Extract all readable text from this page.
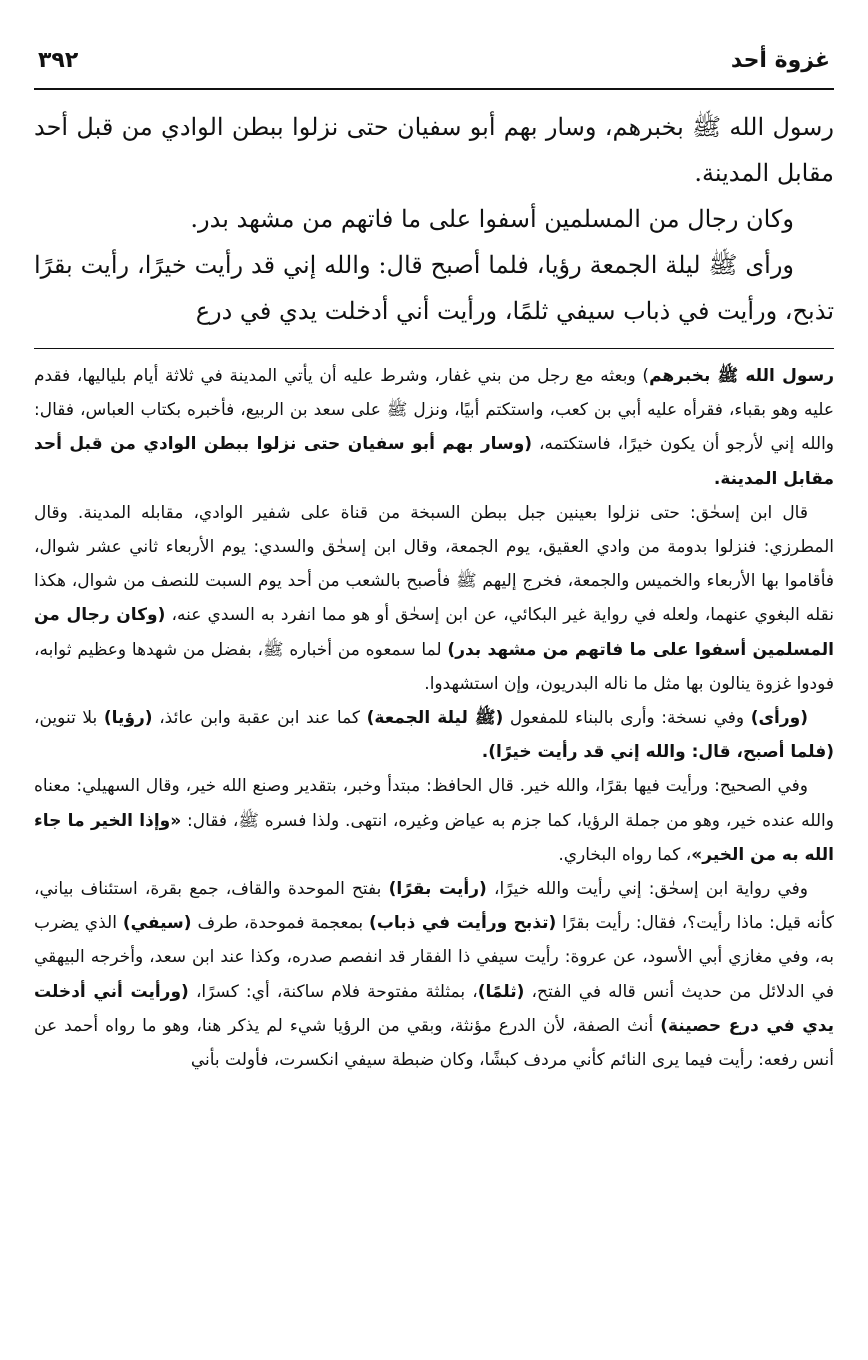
غزوة أحد
٣٩٢

رسول الله ﷺ بخبرهم، وسار بهم أبو سفيان حتى نزلوا ببطن الوادي من قبل أحد مقابل المدينة.

وكان رجال من المسلمين أسفوا على ما فاتهم من مشهد بدر.

ورأى ﷺ ليلة الجمعة رؤيا، فلما أصبح قال: والله إني قد رأيت خيرًا، رأيت بقرًا تذبح، ورأيت في ذباب سيفي ثلمًا، ورأيت أني أدخلت يدي في درع

رسول الله ﷺ بخبرهم) وبعثه مع رجل من بني غفار، وشرط عليه أن يأتي المدينة في ثلاثة أيام بلياليها، فقدم عليه وهو بقباء، فقرأه عليه أبي بن كعب، واستكتم أبيًا، ونزل ﷺ على سعد بن الربيع، فأخبره بكتاب العباس، فقال: والله إني لأرجو أن يكون خيرًا، فاستكتمه، (وسار بهم أبو سفيان حتى نزلوا ببطن الوادي من قبل أحد مقابل المدينة.

قال ابن إسحٰق: حتى نزلوا بعينين جبل ببطن السبخة من قناة على شفير الوادي، مقابله المدينة. وقال المطرزي: فنزلوا بدومة من وادي العقيق، يوم الجمعة، وقال ابن إسحٰق والسدي: يوم الأربعاء ثاني عشر شوال، فأقاموا بها الأربعاء والخميس والجمعة، فخرج إليهم ﷺ فأصبح بالشعب من أحد يوم السبت للنصف من شوال، هكذا نقله البغوي عنهما، ولعله في رواية غير البكائي، عن ابن إسحٰق أو هو مما انفرد به السدي عنه، (وكان رجال من المسلمين أسفوا على ما فاتهم من مشهد بدر) لما سمعوه من أخباره ﷺ، بفضل من شهدها وعظيم ثوابه، فودوا غزوة ينالون بها مثل ما ناله البدريون، وإن استشهدوا.

(ورأى) وفي نسخة: وأرى بالبناء للمفعول (ﷺ ليلة الجمعة) كما عند ابن عقبة وابن عائذ، (رؤيا) بلا تنوين، (فلما أصبح، قال: والله إني قد رأيت خيرًا).

وفي الصحيح: ورأيت فيها بقرًا، والله خير. قال الحافظ: مبتدأ وخبر، بتقدير وصنع الله خير، وقال السهيلي: معناه والله عنده خير، وهو من جملة الرؤيا، كما جزم به عياض وغيره، انتهى. ولذا فسره ﷺ، فقال: «وإذا الخير ما جاء الله به من الخير»، كما رواه البخاري.

وفي رواية ابن إسحٰق: إني رأيت والله خيرًا، (رأيت بقرًا) بفتح الموحدة والقاف، جمع بقرة، استئناف بياني، كأنه قيل: ماذا رأيت؟، فقال: رأيت بقرًا (تذبح ورأيت في ذباب) بمعجمة فموحدة، طرف (سيفي) الذي يضرب به، وفي مغازي أبي الأسود، عن عروة: رأيت سيفي ذا الفقار قد انفصم صدره، وكذا عند ابن سعد، وأخرجه البيهقي في الدلائل من حديث أنس قاله في الفتح، (ثلمًا)، بمثلثة مفتوحة فلام ساكنة، أي: كسرًا، (ورأيت أني أدخلت يدي في درع حصينة) أنث الصفة، لأن الدرع مؤنثة، وبقي من الرؤيا شيء لم يذكر هنا، وهو ما رواه أحمد عن أنس رفعه: رأيت فيما يرى النائم كأني مردف كبشًا، وكان ضبطة سيفي انكسرت، فأولت بأني
